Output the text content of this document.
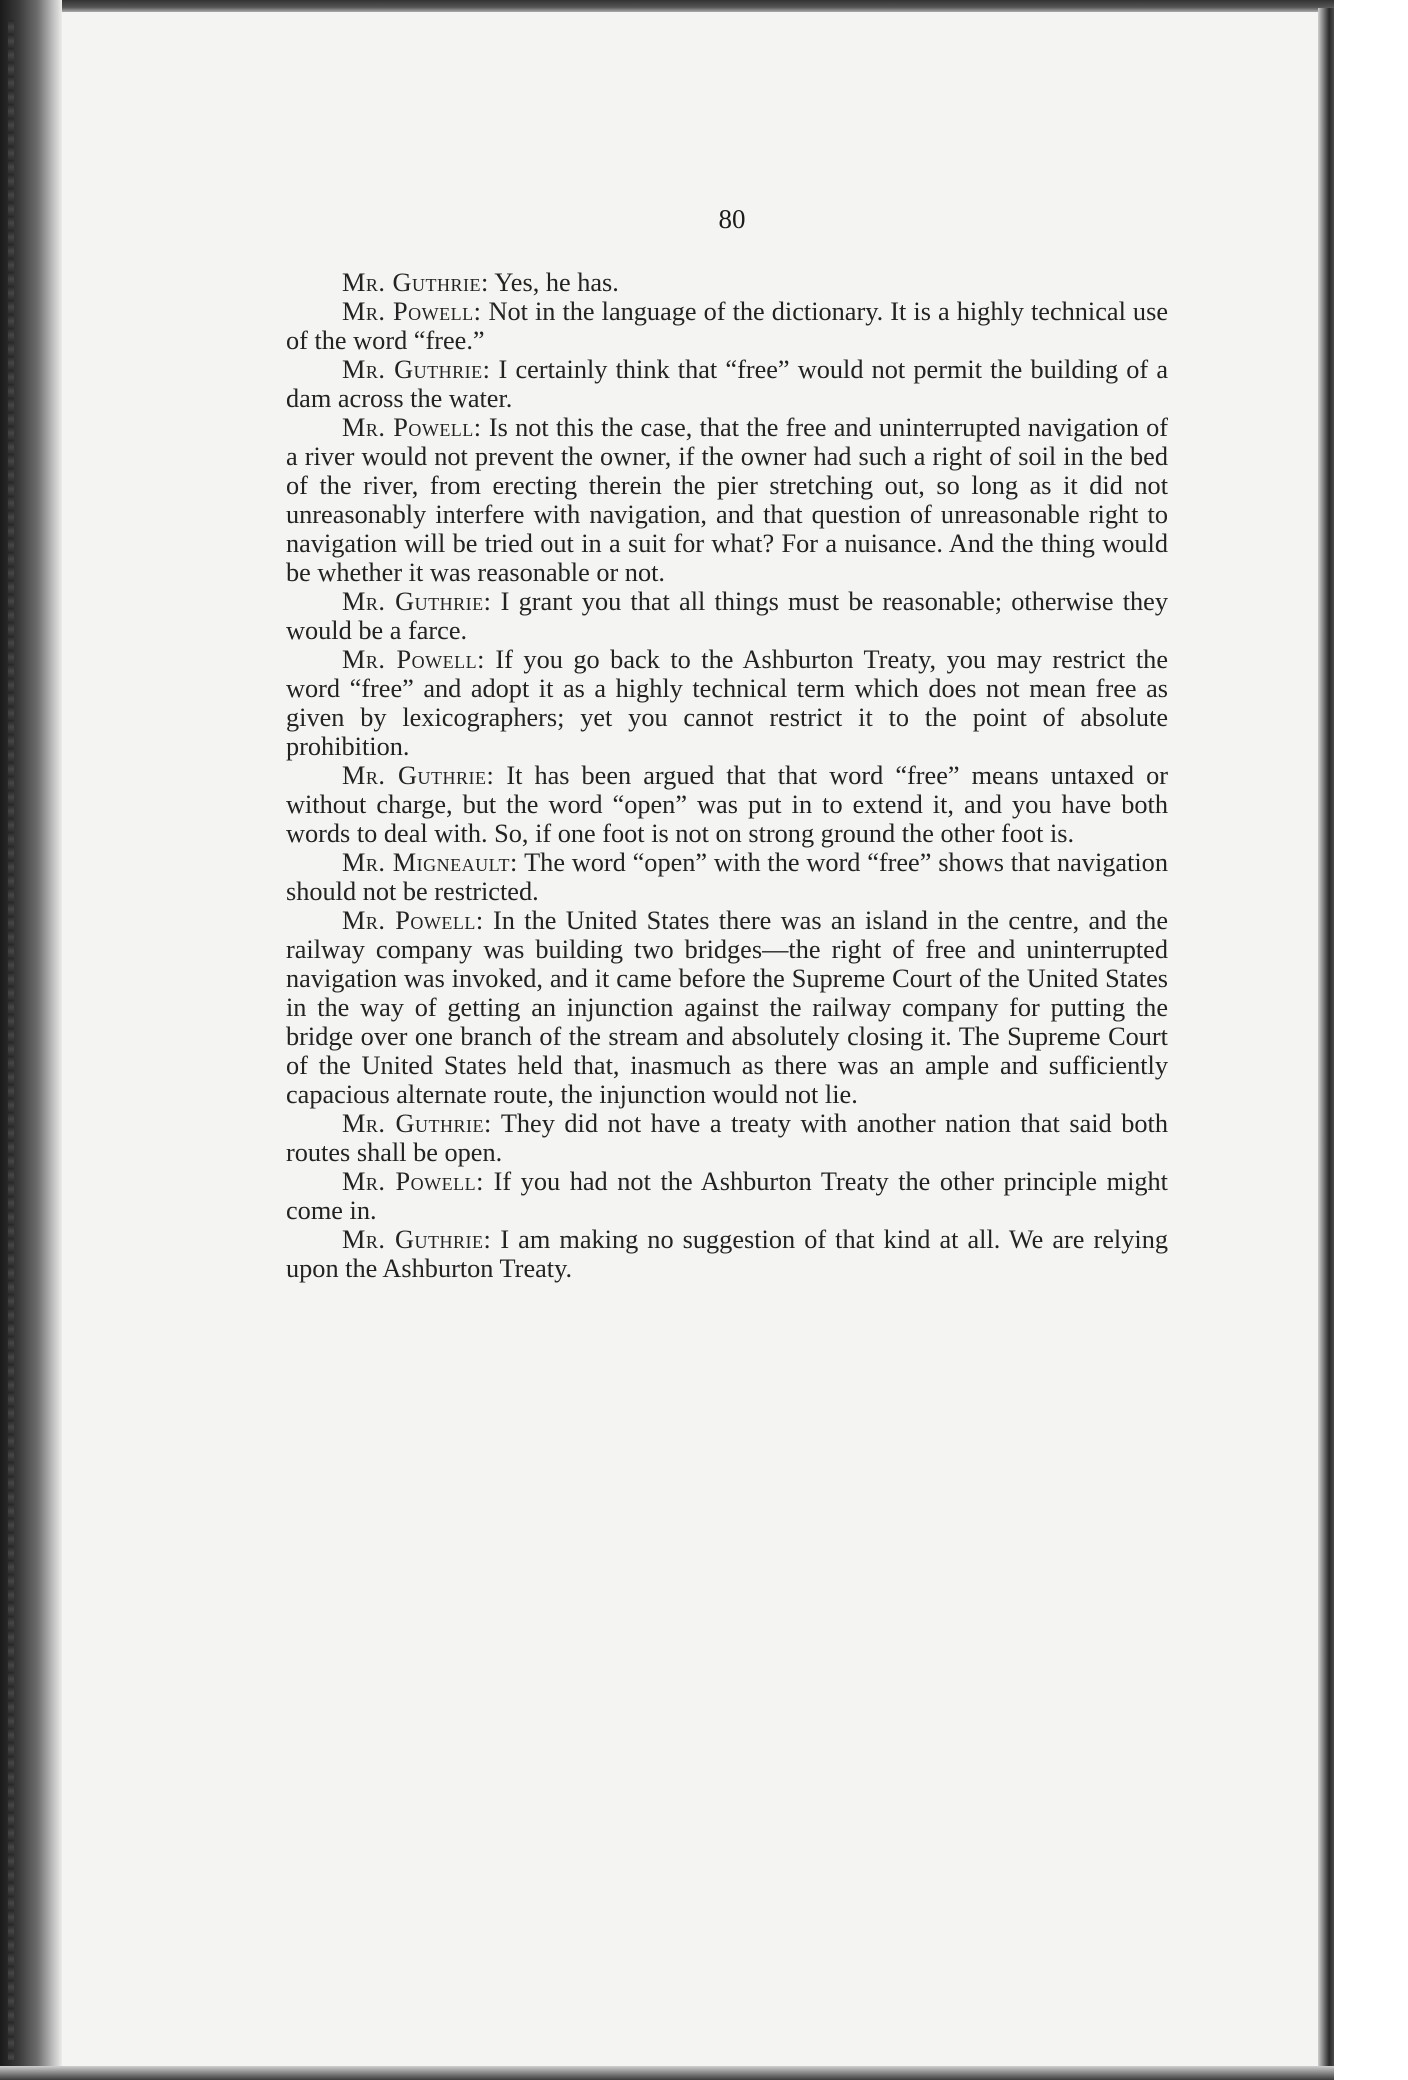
80

Mr. Guthrie: Yes, he has.

Mr. Powell: Not in the language of the dictionary. It is a highly technical use of the word “free.”

Mr. Guthrie: I certainly think that “free” would not permit the building of a dam across the water.

Mr. Powell: Is not this the case, that the free and uninterrupted navigation of a river would not prevent the owner, if the owner had such a right of soil in the bed of the river, from erecting therein the pier stretching out, so long as it did not unreasonably interfere with navigation, and that question of unreasonable right to navigation will be tried out in a suit for what? For a nuisance. And the thing would be whether it was reasonable or not.

Mr. Guthrie: I grant you that all things must be reasonable; otherwise they would be a farce.

Mr. Powell: If you go back to the Ashburton Treaty, you may restrict the word “free” and adopt it as a highly technical term which does not mean free as given by lexicographers; yet you cannot restrict it to the point of absolute prohibition.

Mr. Guthrie: It has been argued that that word “free” means untaxed or without charge, but the word “open” was put in to extend it, and you have both words to deal with. So, if one foot is not on strong ground the other foot is.

Mr. Migneault: The word “open” with the word “free” shows that navigation should not be restricted.

Mr. Powell: In the United States there was an island in the centre, and the railway company was building two bridges—the right of free and uninterrupted navigation was invoked, and it came before the Supreme Court of the United States in the way of getting an injunction against the railway company for putting the bridge over one branch of the stream and absolutely closing it. The Supreme Court of the United States held that, inasmuch as there was an ample and sufficiently capacious alternate route, the injunction would not lie.

Mr. Guthrie: They did not have a treaty with another nation that said both routes shall be open.

Mr. Powell: If you had not the Ashburton Treaty the other principle might come in.

Mr. Guthrie: I am making no suggestion of that kind at all. We are relying upon the Ashburton Treaty.
